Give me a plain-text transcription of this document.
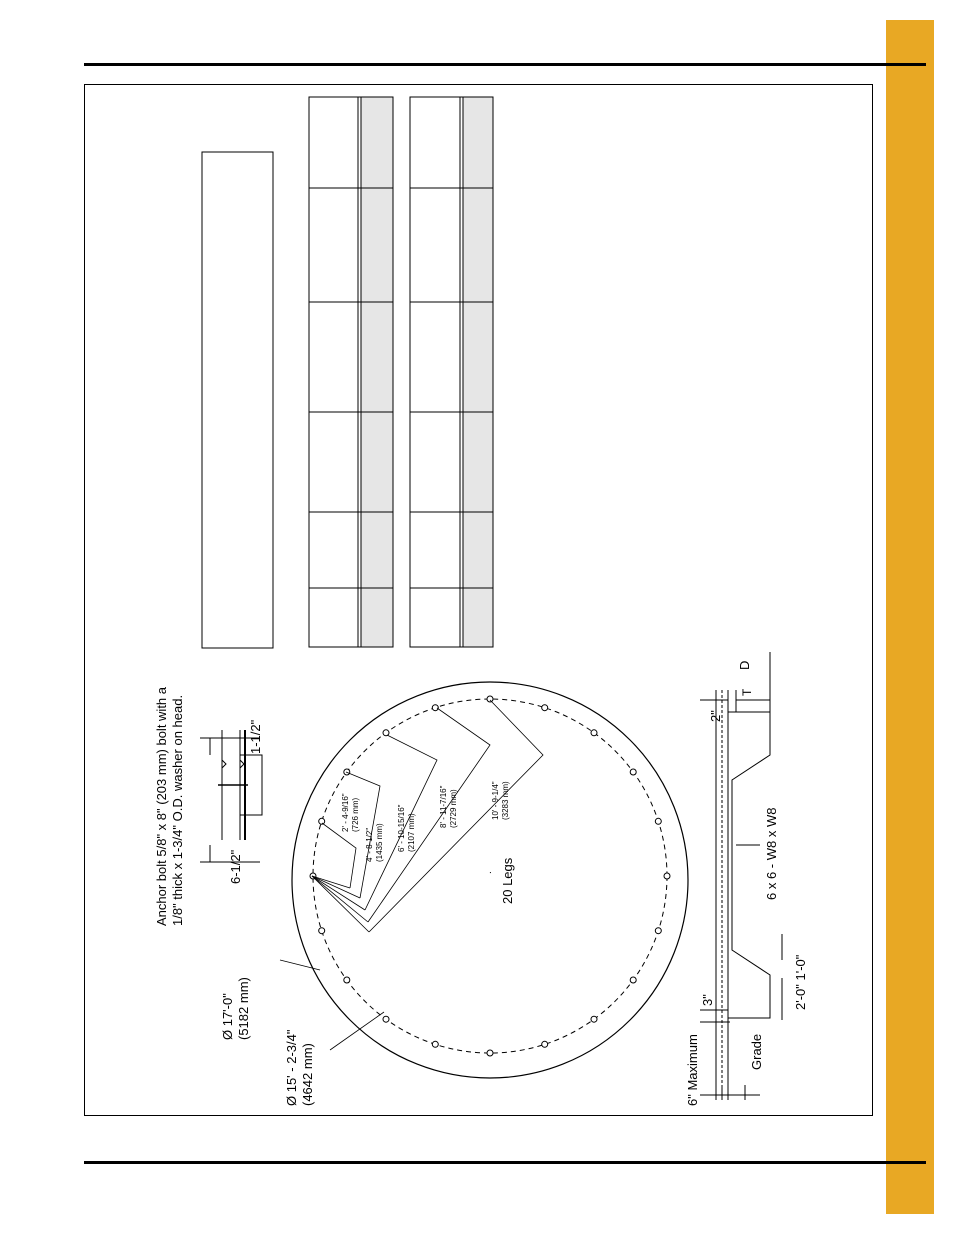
Anchor bolt 5/8" x 8" (203 mm) bolt with a 1/8" thick x 1-3/4" O.D. washer on head.	6-1/2"
1-1/2"
Ø 17'-0" (5182 mm)
Ø 15' - 2-3/4" (4642 mm)
20 Legs
.
2' - 4-9/16" (726 mm)
4' - 8-1/2" (1435 mm) 6' - 10-15/16" (2107 mm)
8' - 11-7/16" (2729 mm)	10' - 9-1/4" (3283 mm)
6" Maximum	Grade
3"
2"
6 x 6 - W8 x W8
2'-0" 1'-0"
D
T
